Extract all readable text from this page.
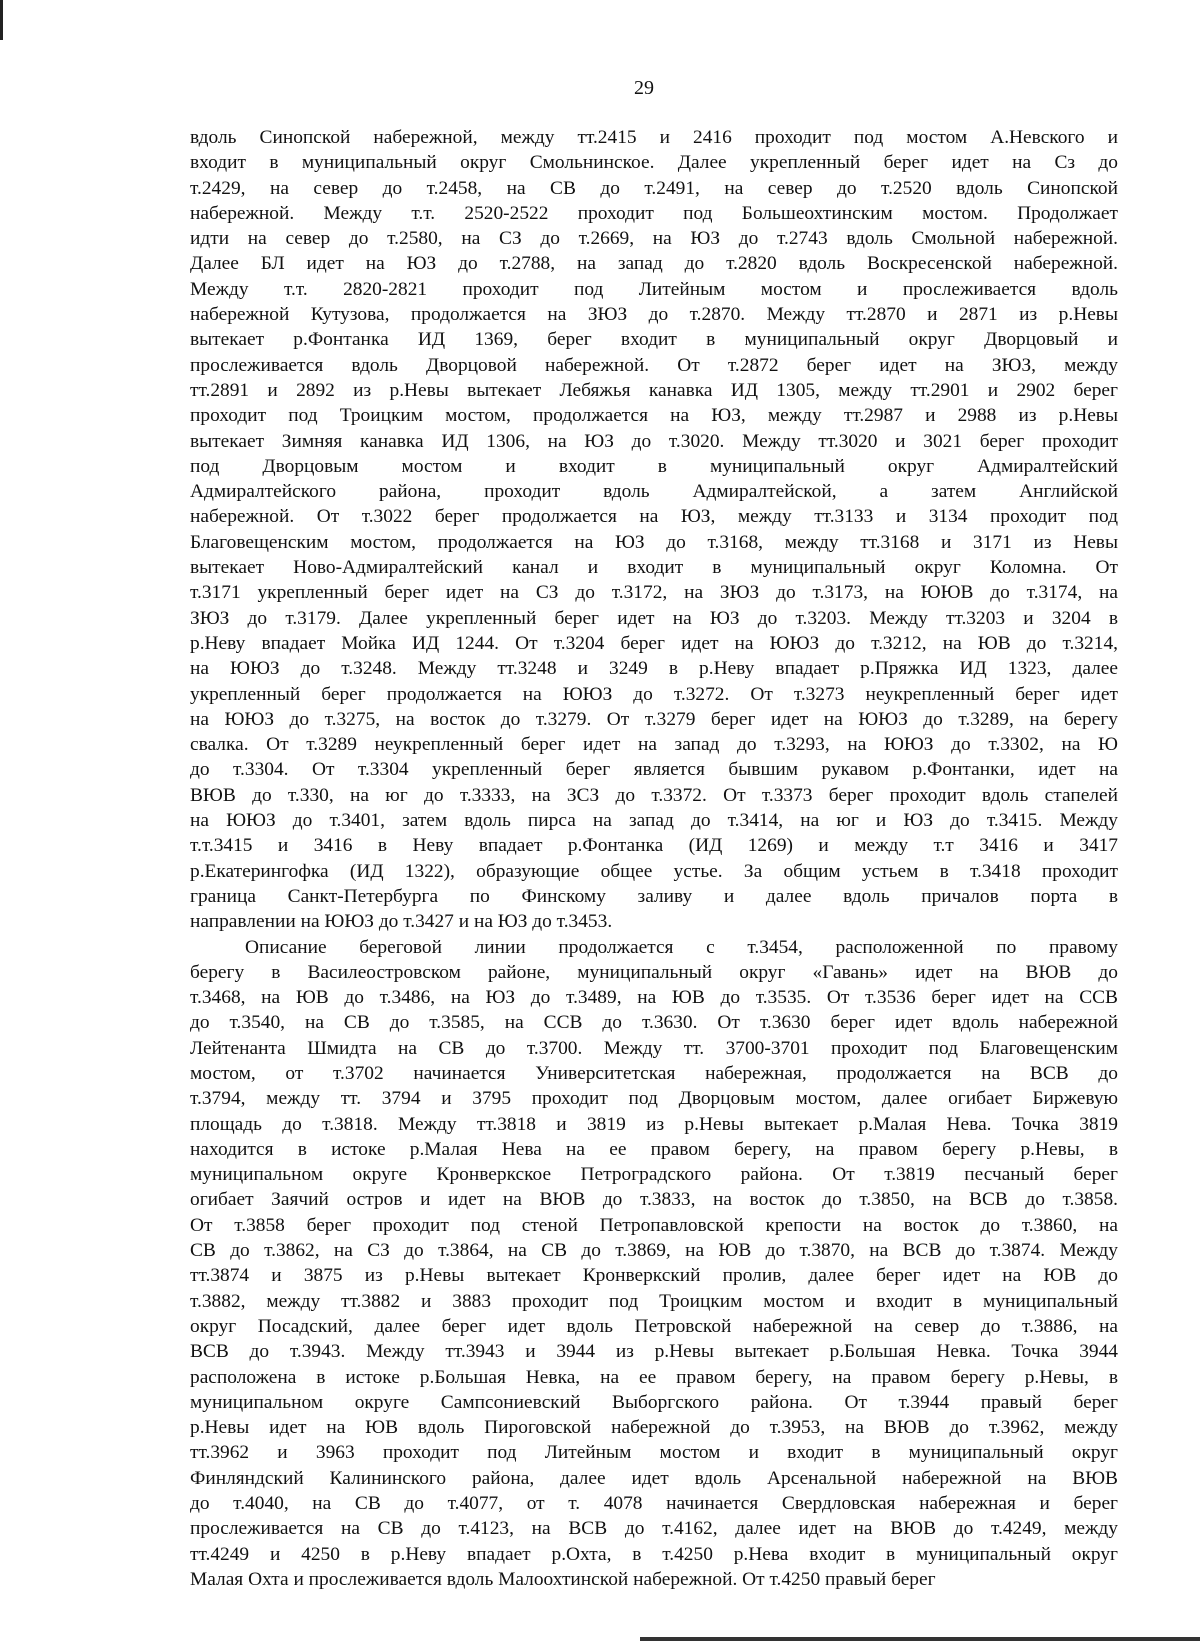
29

вдоль Синопской набережной, между тт.2415 и 2416 проходит под мостом А.Невского и
входит в муниципальный округ Смольнинское. Далее укрепленный берег идет на Сз до
т.2429, на север до т.2458, на СВ до т.2491, на север до т.2520 вдоль Синопской
набережной. Между т.т. 2520-2522 проходит под Большеохтинским мостом. Продолжает
идти на север до т.2580, на СЗ до т.2669, на ЮЗ до т.2743 вдоль Смольной набережной.
Далее БЛ идет на ЮЗ до т.2788, на запад до т.2820 вдоль Воскресенской набережной.
Между т.т. 2820-2821 проходит под Литейным мостом и прослеживается вдоль
набережной Кутузова, продолжается на ЗЮЗ до т.2870. Между тт.2870 и 2871 из р.Невы
вытекает р.Фонтанка ИД 1369, берег входит в муниципальный округ Дворцовый и
прослеживается вдоль Дворцовой набережной. От т.2872 берег идет на ЗЮЗ, между
тт.2891 и 2892 из р.Невы вытекает Лебяжья канавка ИД 1305, между тт.2901 и 2902 берег
проходит под Троицким мостом, продолжается на ЮЗ, между тт.2987 и 2988 из р.Невы
вытекает Зимняя канавка ИД 1306, на ЮЗ до т.3020. Между тт.3020 и 3021 берег проходит
под Дворцовым мостом и входит в муниципальный округ Адмиралтейский
Адмиралтейского района, проходит вдоль Адмиралтейской, а затем Английской
набережной. От т.3022 берег продолжается на ЮЗ, между тт.3133 и 3134 проходит под
Благовещенским мостом, продолжается на ЮЗ до т.3168, между тт.3168 и 3171 из Невы
вытекает Ново-Адмиралтейский канал и входит в муниципальный округ Коломна. От
т.3171 укрепленный берег идет на СЗ до т.3172, на ЗЮЗ до т.3173, на ЮЮВ до т.3174, на
ЗЮЗ до т.3179. Далее укрепленный берег идет на ЮЗ до т.3203. Между тт.3203 и 3204 в
р.Неву впадает Мойка ИД 1244. От т.3204 берег идет на ЮЮЗ до т.3212, на ЮВ до т.3214,
на ЮЮЗ до т.3248. Между тт.3248 и 3249 в р.Неву впадает р.Пряжка ИД 1323, далее
укрепленный берег продолжается на ЮЮЗ до т.3272. От т.3273 неукрепленный берег идет
на ЮЮЗ до т.3275, на восток до т.3279. От т.3279 берег идет на ЮЮЗ до т.3289, на берегу
свалка. От т.3289 неукрепленный берег идет на запад до т.3293, на ЮЮЗ до т.3302, на Ю
до т.3304. От т.3304 укрепленный берег является бывшим рукавом р.Фонтанки, идет на
ВЮВ до т.330, на юг до т.3333, на ЗСЗ до т.3372. От т.3373 берег проходит вдоль стапелей
на ЮЮЗ до т.3401, затем вдоль пирса на запад до т.3414, на юг и ЮЗ до т.3415. Между
т.т.3415 и 3416 в Неву впадает р.Фонтанка (ИД 1269) и между т.т 3416 и 3417
р.Екатерингофка (ИД 1322), образующие общее устье. За общим устьем в т.3418 проходит
граница Санкт-Петербурга по Финскому заливу и далее вдоль причалов порта в
направлении на ЮЮЗ до т.3427 и на ЮЗ до т.3453.

Описание береговой линии продолжается с т.3454, расположенной по правому
берегу в Василеостровском районе, муниципальный округ «Гавань» идет на ВЮВ до
т.3468, на ЮВ до т.3486, на ЮЗ до т.3489, на ЮВ до т.3535. От т.3536 берег идет на ССВ
до т.3540, на СВ до т.3585, на ССВ до т.3630. От т.3630 берег идет вдоль набережной
Лейтенанта Шмидта на СВ до т.3700. Между тт. 3700-3701 проходит под Благовещенским
мостом, от т.3702 начинается Университетская набережная, продолжается на ВСВ до
т.3794, между тт. 3794 и 3795 проходит под Дворцовым мостом, далее огибает Биржевую
площадь до т.3818. Между тт.3818 и 3819 из р.Невы вытекает р.Малая Нева. Точка 3819
находится в истоке р.Малая Нева на ее правом берегу, на правом берегу р.Невы, в
муниципальном округе Кронверкское Петроградского района. От т.3819 песчаный берег
огибает Заячий остров и идет на ВЮВ до т.3833, на восток до т.3850, на ВСВ до т.3858.
От т.3858 берег проходит под стеной Петропавловской крепости на восток до т.3860, на
СВ до т.3862, на СЗ до т.3864, на СВ до т.3869, на ЮВ до т.3870, на ВСВ до т.3874. Между
тт.3874 и 3875 из р.Невы вытекает Кронверкский пролив, далее берег идет на ЮВ до
т.3882, между тт.3882 и 3883 проходит под Троицким мостом и входит в муниципальный
округ Посадский, далее берег идет вдоль Петровской набережной на север до т.3886, на
ВСВ до т.3943. Между тт.3943 и 3944 из р.Невы вытекает р.Большая Невка. Точка 3944
расположена в истоке р.Большая Невка, на ее правом берегу, на правом берегу р.Невы, в
муниципальном округе Сампсониевский Выборгского района. От т.3944 правый берег
р.Невы идет на ЮВ вдоль Пироговской набережной до т.3953, на ВЮВ до т.3962, между
тт.3962 и 3963 проходит под Литейным мостом и входит в муниципальный округ
Финляндский Калининского района, далее идет вдоль Арсенальной набережной на ВЮВ
до т.4040, на СВ до т.4077, от т. 4078 начинается Свердловская набережная и берег
прослеживается на СВ до т.4123, на ВСВ до т.4162, далее идет на ВЮВ до т.4249, между
тт.4249 и 4250 в р.Неву впадает р.Охта, в т.4250 р.Нева входит в муниципальный округ
Малая Охта и прослеживается вдоль Малоохтинской набережной. От т.4250 правый берег
